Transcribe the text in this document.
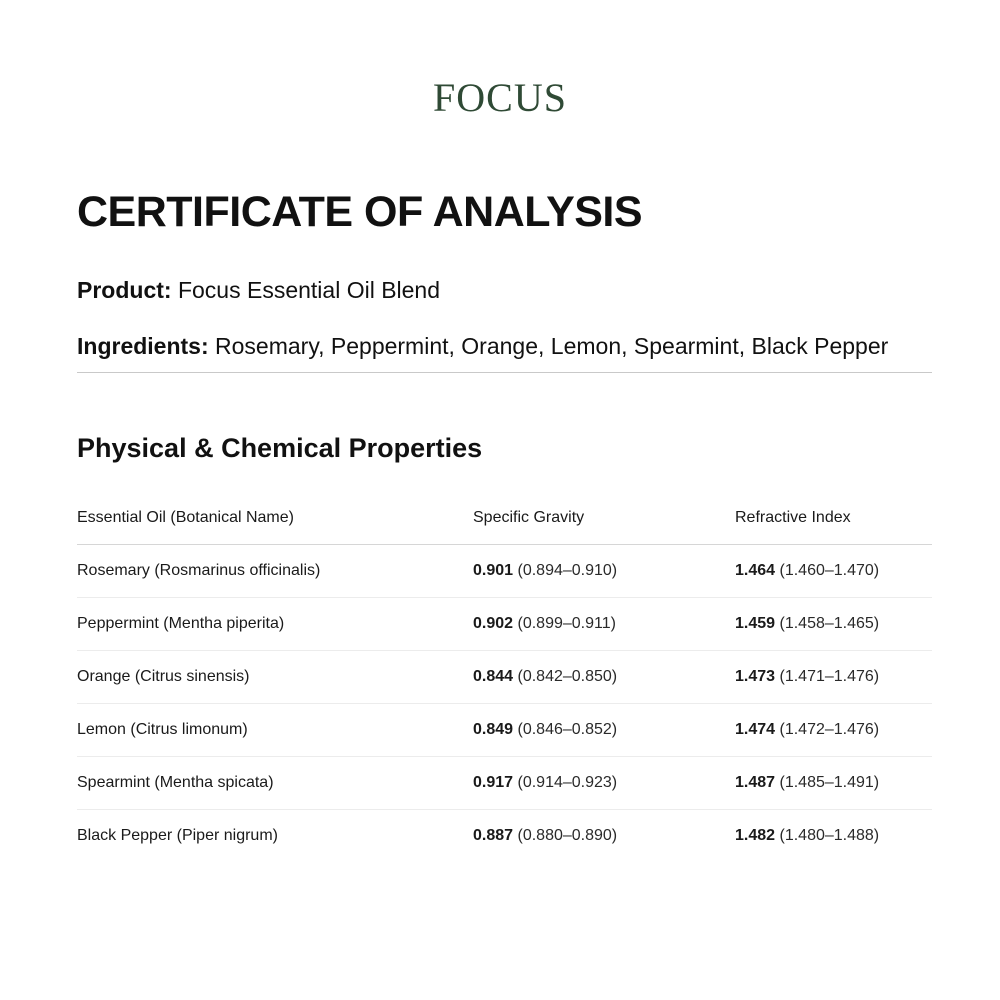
FOCUS
CERTIFICATE OF ANALYSIS

Product: Focus Essential Oil Blend

Ingredients: Rosemary, Peppermint, Orange, Lemon, Spearmint, Black Pepper

Physical & Chemical Properties
Essential Oil (Botanical Name)	Specific Gravity	Refractive Index
Rosemary (Rosmarinus officinalis)	0.901 (0.894–0.910)	1.464 (1.460–1.470)
Peppermint (Mentha piperita)	0.902 (0.899–0.911)	1.459 (1.458–1.465)
Orange (Citrus sinensis)	0.844 (0.842–0.850)	1.473 (1.471–1.476)
Lemon (Citrus limonum)	0.849 (0.846–0.852)	1.474 (1.472–1.476)
Spearmint (Mentha spicata)	0.917 (0.914–0.923)	1.487 (1.485–1.491)
Black Pepper (Piper nigrum)	0.887 (0.880–0.890)	1.482 (1.480–1.488)
